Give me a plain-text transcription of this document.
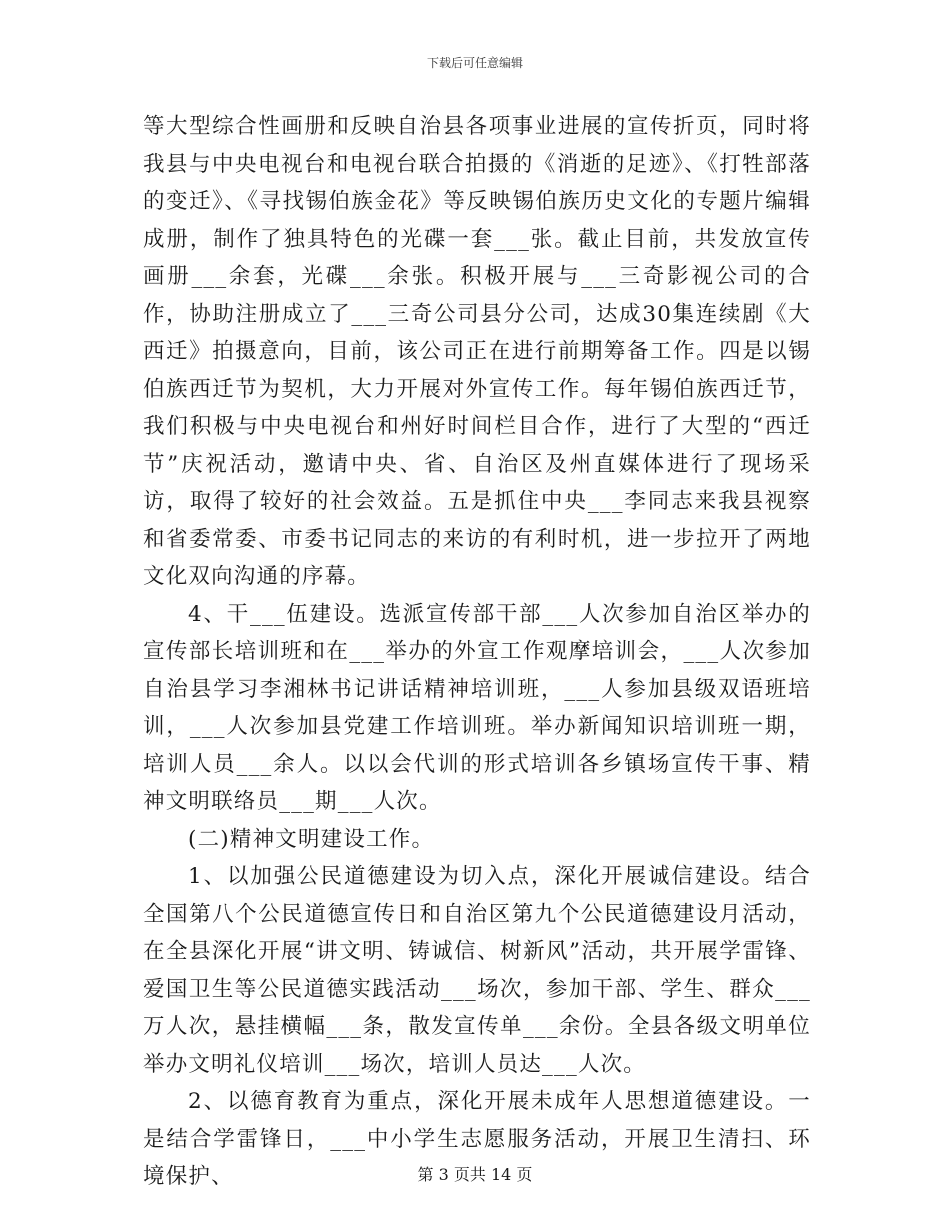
下载后可任意编辑

等大型综合性画册和反映自治县各项事业进展的宣传折页，同时将我县与中央电视台和电视台联合拍摄的《消逝的足迹》、《打牲部落的变迁》、《寻找锡伯族金花》等反映锡伯族历史文化的专题片编辑成册，制作了独具特色的光碟一套___张。截止目前，共发放宣传画册___余套，光碟___余张。积极开展与___三奇影视公司的合作，协助注册成立了___三奇公司县分公司，达成30集连续剧《大西迁》拍摄意向，目前，该公司正在进行前期筹备工作。四是以锡伯族西迁节为契机，大力开展对外宣传工作。每年锡伯族西迁节，我们积极与中央电视台和州好时间栏目合作，进行了大型的“西迁节”庆祝活动，邀请中央、省、自治区及州直媒体进行了现场采访，取得了较好的社会效益。五是抓住中央___李同志来我县视察和省委常委、市委书记同志的来访的有利时机，进一步拉开了两地文化双向沟通的序幕。

4、干___伍建设。选派宣传部干部___人次参加自治区举办的宣传部长培训班和在___举办的外宣工作观摩培训会，___人次参加自治县学习李湘林书记讲话精神培训班，___人参加县级双语班培训，___人次参加县党建工作培训班。举办新闻知识培训班一期，培训人员___余人。以以会代训的形式培训各乡镇场宣传干事、精神文明联络员___期___人次。

(二)精神文明建设工作。

1、以加强公民道德建设为切入点，深化开展诚信建设。结合全国第八个公民道德宣传日和自治区第九个公民道德建设月活动，在全县深化开展“讲文明、铸诚信、树新风”活动，共开展学雷锋、爱国卫生等公民道德实践活动___场次，参加干部、学生、群众___万人次，悬挂横幅___条，散发宣传单___余份。全县各级文明单位举办文明礼仪培训___场次，培训人员达___人次。

2、以德育教育为重点，深化开展未成年人思想道德建设。一是结合学雷锋日，___中小学生志愿服务活动，开展卫生清扫、环境保护、	第 3 页共 14 页
